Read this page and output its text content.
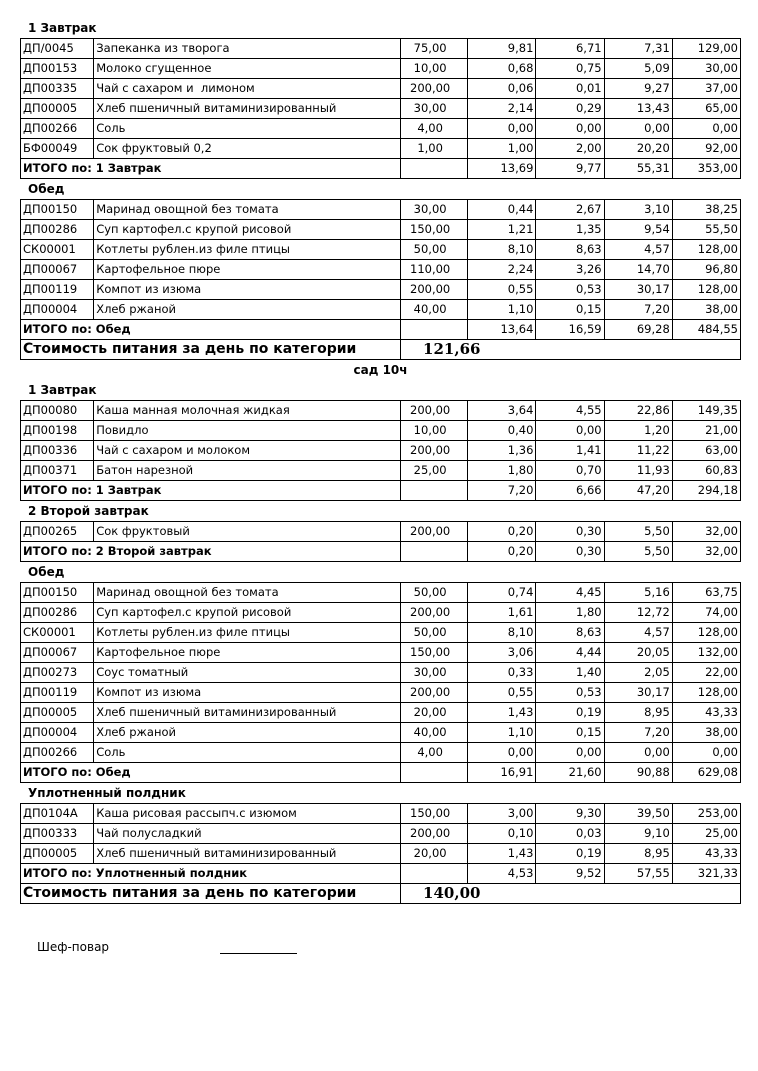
1 Завтрак
ДП/0045	Запеканка из творога	75,00	9,81	6,71	7,31	129,00
ДП00153	Молоко сгущенное	10,00	0,68	0,75	5,09	30,00
ДП00335	Чай с сахаром и  лимоном	200,00	0,06	0,01	9,27	37,00
ДП00005	Хлеб пшеничный витаминизированный	30,00	2,14	0,29	13,43	65,00
ДП00266	Соль	4,00	0,00	0,00	0,00	0,00
БФ00049	Сок фруктовый 0,2	1,00	1,00	2,00	20,20	92,00
ИТОГО по: 1 Завтрак			13,69	9,77	55,31	353,00
Обед
ДП00150	Маринад овощной без томата	30,00	0,44	2,67	3,10	38,25
ДП00286	Суп картофел.с крупой рисовой	150,00	1,21	1,35	9,54	55,50
СК00001	Котлеты рублен.из филе птицы	50,00	8,10	8,63	4,57	128,00
ДП00067	Картофельное пюре	110,00	2,24	3,26	14,70	96,80
ДП00119	Компот из изюма	200,00	0,55	0,53	30,17	128,00
ДП00004	Хлеб ржаной	40,00	1,10	0,15	7,20	38,00
ИТОГО по: Обед			13,64	16,59	69,28	484,55
Стоимость питания за день по категории		121,66				
сад 10ч
1 Завтрак
ДП00080	Каша манная молочная жидкая	200,00	3,64	4,55	22,86	149,35
ДП00198	Повидло	10,00	0,40	0,00	1,20	21,00
ДП00336	Чай с сахаром и молоком	200,00	1,36	1,41	11,22	63,00
ДП00371	Батон нарезной	25,00	1,80	0,70	11,93	60,83
ИТОГО по: 1 Завтрак			7,20	6,66	47,20	294,18
2 Второй завтрак
ДП00265	Сок фруктовый	200,00	0,20	0,30	5,50	32,00
ИТОГО по: 2 Второй завтрак			0,20	0,30	5,50	32,00
Обед
ДП00150	Маринад овощной без томата	50,00	0,74	4,45	5,16	63,75
ДП00286	Суп картофел.с крупой рисовой	200,00	1,61	1,80	12,72	74,00
СК00001	Котлеты рублен.из филе птицы	50,00	8,10	8,63	4,57	128,00
ДП00067	Картофельное пюре	150,00	3,06	4,44	20,05	132,00
ДП00273	Соус томатный	30,00	0,33	1,40	2,05	22,00
ДП00119	Компот из изюма	200,00	0,55	0,53	30,17	128,00
ДП00005	Хлеб пшеничный витаминизированный	20,00	1,43	0,19	8,95	43,33
ДП00004	Хлеб ржаной	40,00	1,10	0,15	7,20	38,00
ДП00266	Соль	4,00	0,00	0,00	0,00	0,00
ИТОГО по: Обед			16,91	21,60	90,88	629,08
Уплотненный полдник
ДП0104А	Каша рисовая рассыпч.с изюмом	150,00	3,00	9,30	39,50	253,00
ДП00333	Чай полусладкий	200,00	0,10	0,03	9,10	25,00
ДП00005	Хлеб пшеничный витаминизированный	20,00	1,43	0,19	8,95	43,33
ИТОГО по: Уплотненный полдник			4,53	9,52	57,55	321,33
Стоимость питания за день по категории		140,00				
Шеф-повар
